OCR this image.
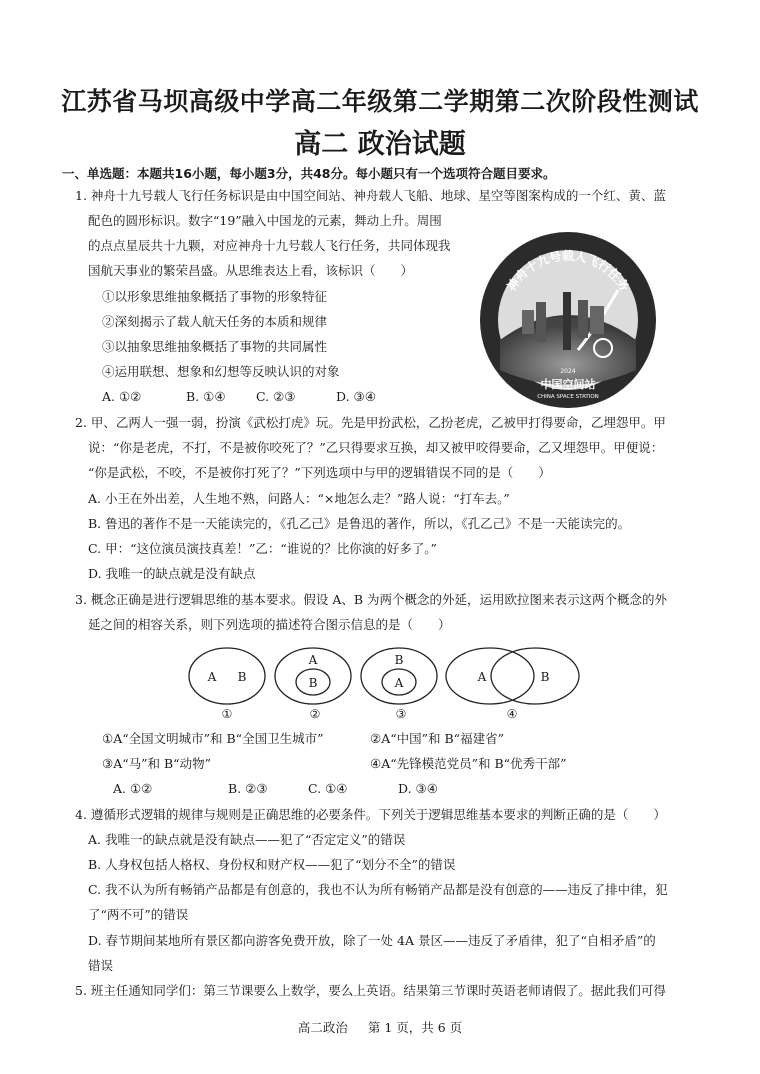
江苏省马坝高级中学高二年级第二学期第二次阶段性测试
高二 政治试题
一、单选题：本题共16小题，每小题3分，共48分。每小题只有一个选项符合题目要求。
1. 神舟十九号载人飞行任务标识是由中国空间站、神舟载人飞船、地球、星空等图案构成的一个红、黄、蓝
配色的圆形标识。数字“19”融入中国龙的元素，舞动上升。周围
的点点星辰共十九颗，对应神舟十九号载人飞行任务，共同体现我
国航天事业的繁荣昌盛。从思维表达上看，该标识（　　）
①以形象思维抽象概括了事物的形象特征
②深刻揭示了载人航天任务的本质和规律
③以抽象思维抽象概括了事物的共同属性
④运用联想、想象和幻想等反映认识的对象
A. ①②	B. ①④ C. ②③	D. ③④
神舟十九号载人飞行任务
2024
中国空间站
CHINA SPACE STATION
2. 甲、乙两人一强一弱，扮演《武松打虎》玩。先是甲扮武松，乙扮老虎，乙被甲打得要命，乙埋怨甲。甲
说：“你是老虎，不打，不是被你咬死了？”乙只得要求互换，却又被甲咬得要命，乙又埋怨甲。甲便说：
“你是武松，不咬，不是被你打死了？”下列选项中与甲的逻辑错误不同的是（　　）
A. 小王在外出差，人生地不熟，问路人：“×地怎么走？”路人说：“打车去。”
B. 鲁迅的著作不是一天能读完的，《孔乙己》是鲁迅的著作，所以，《孔乙己》不是一天能读完的。
C. 甲：“这位演员演技真差！”乙：“谁说的？比你演的好多了。”
D. 我唯一的缺点就是没有缺点
3. 概念正确是进行逻辑思维的基本要求。假设 A、B 为两个概念的外延，运用欧拉图来表示这两个概念的外
延之间的相容关系，则下列选项的描述符合图示信息的是（　　）
A B
①
A
B
②
B
A
③
A	B
④
①A“全国文明城市”和 B“全国卫生城市”	②A“中国”和 B“福建省”
③A“马”和 B“动物”	④A“先锋模范党员”和 B“优秀干部”
A. ①②	B. ②③	C. ①④	D. ③④
4. 遵循形式逻辑的规律与规则是正确思维的必要条件。下列关于逻辑思维基本要求的判断正确的是（　　）
A. 我唯一的缺点就是没有缺点——犯了“否定定义”的错误
B. 人身权包括人格权、身份权和财产权——犯了“划分不全”的错误
C. 我不认为所有畅销产品都是有创意的，我也不认为所有畅销产品都是没有创意的——违反了排中律，犯
了“两不可”的错误
D. 春节期间某地所有景区都向游客免费开放，除了一处 4A 景区——违反了矛盾律，犯了“自相矛盾”的
错误
5. 班主任通知同学们：第三节课要么上数学，要么上英语。结果第三节课时英语老师请假了。据此我们可得
高二政治 第 1 页，共 6 页
